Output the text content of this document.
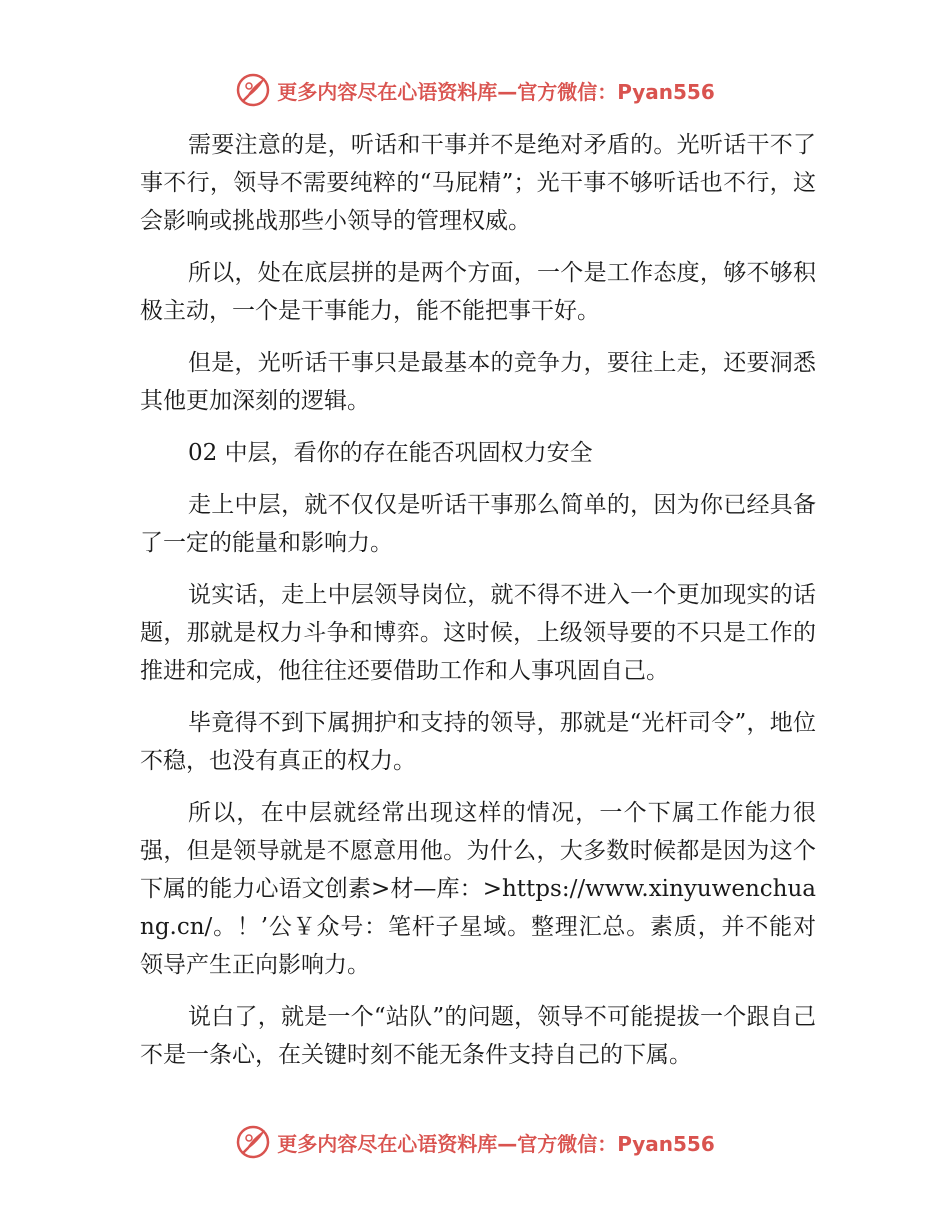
更多内容尽在心语资料库—官方微信：Pyan556

需要注意的是，听话和干事并不是绝对矛盾的。光听话干不了事不行，领导不需要纯粹的“马屁精”；光干事不够听话也不行，这会影响或挑战那些小领导的管理权威。

所以，处在底层拼的是两个方面，一个是工作态度，够不够积极主动，一个是干事能力，能不能把事干好。

但是，光听话干事只是最基本的竞争力，要往上走，还要洞悉其他更加深刻的逻辑。

02 中层，看你的存在能否巩固权力安全

走上中层，就不仅仅是听话干事那么简单的，因为你已经具备了一定的能量和影响力。

说实话，走上中层领导岗位，就不得不进入一个更加现实的话题，那就是权力斗争和博弈。这时候，上级领导要的不只是工作的推进和完成，他往往还要借助工作和人事巩固自己。

毕竟得不到下属拥护和支持的领导，那就是“光杆司令”，地位不稳，也没有真正的权力。

所以，在中层就经常出现这样的情况，一个下属工作能力很强，但是领导就是不愿意用他。为什么，大多数时候都是因为这个下属的能力心语文创素>材—库：>https://www.xinyuwenchuang.cn/。！’公￥众号：笔杆子星域。整理汇总。素质，并不能对领导产生正向影响力。

说白了，就是一个“站队”的问题，领导不可能提拔一个跟自己不是一条心，在关键时刻不能无条件支持自己的下属。

更多内容尽在心语资料库—官方微信：Pyan556
